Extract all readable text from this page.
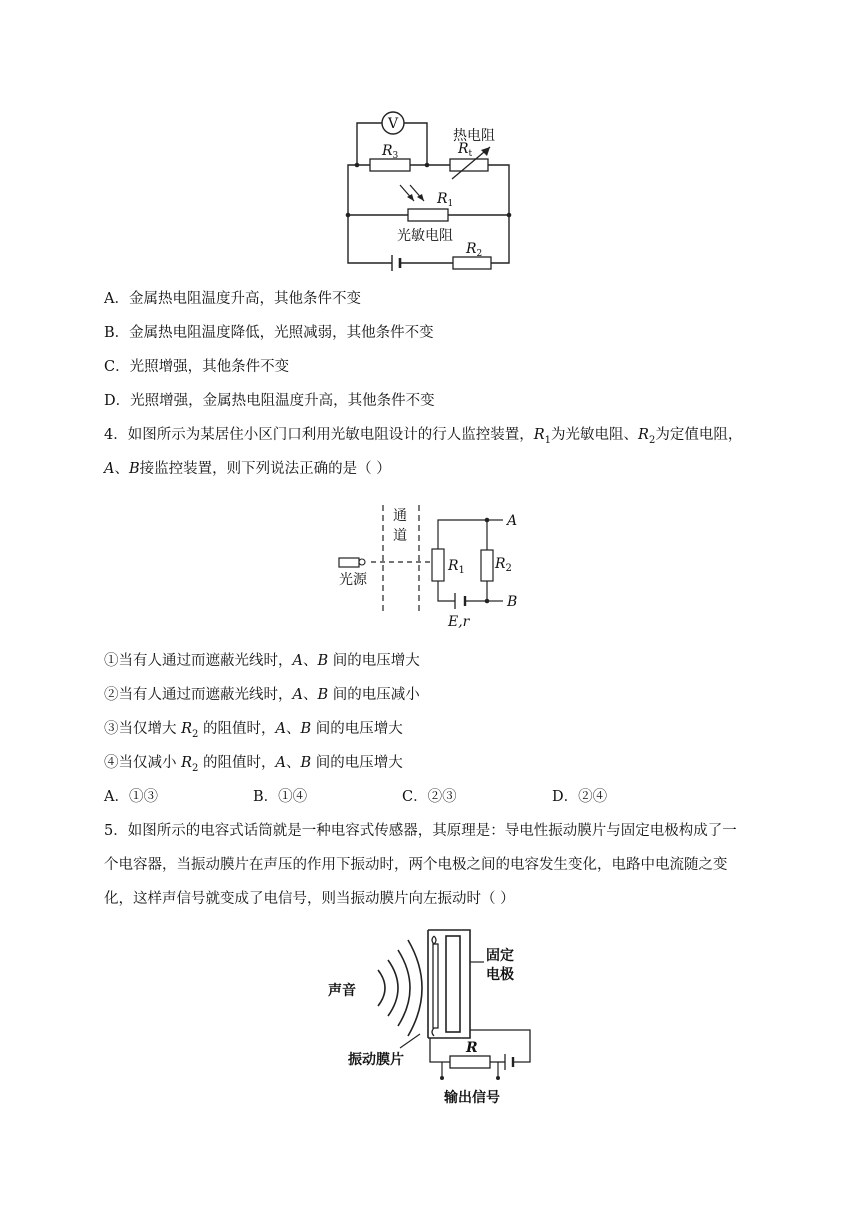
V
$R_3$	$R_t$
热电阻
$R_1$
光敏电阻
$R_2$
A．金属热电阻温度升高，其他条件不变
B．金属热电阻温度降低，光照减弱，其他条件不变
C．光照增强，其他条件不变
D．光照增强，金属热电阻温度升高，其他条件不变
4．如图所示为某居住小区门口利用光敏电阻设计的行人监控装置，$R_1$为光敏电阻、$R_2$为定值电阻，
A、B接监控装置，则下列说法正确的是（ ）
光源
通
道
$R_1$ $R_2$
E,r
A
B
①当有人通过而遮蔽光线时，A、B 间的电压增大
②当有人通过而遮蔽光线时，A、B 间的电压减小
③当仅增大 $R_2$ 的阻值时，A、B 间的电压增大
④当仅减小 $R_2$ 的阻值时，A、B 间的电压增大
A．①③	B．①④	C．②③	D．②④
5．如图所示的电容式话筒就是一种电容式传感器，其原理是：导电性振动膜片与固定电极构成了一
个电容器，当振动膜片在声压的作用下振动时，两个电极之间的电容发生变化，电路中电流随之变
化，这样声信号就变成了电信号，则当振动膜片向左振动时（ ）
声音
固定
电极
R
振动膜片
输出信号
